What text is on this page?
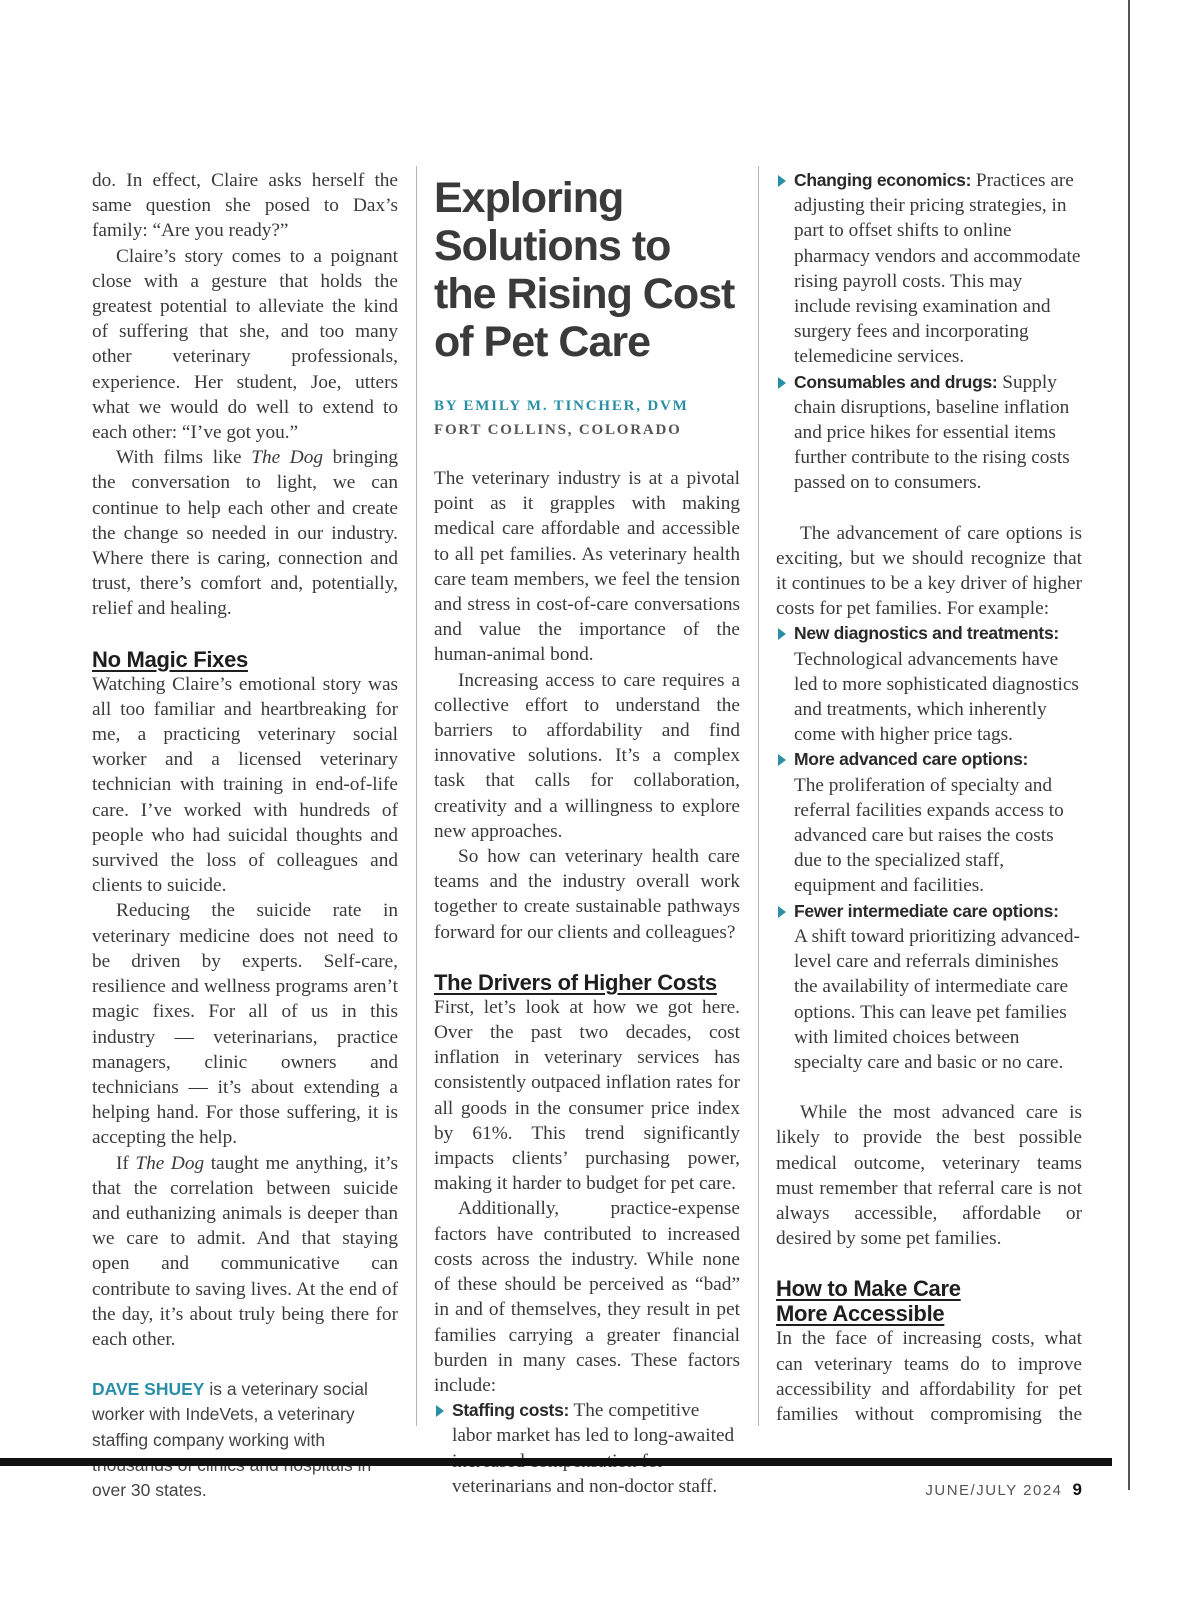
do. In effect, Claire asks herself the same question she posed to Dax’s family: “Are you ready?”

Claire’s story comes to a poignant close with a gesture that holds the greatest potential to alleviate the kind of suffering that she, and too many other veterinary professionals, experience. Her student, Joe, utters what we would do well to extend to each other: “I’ve got you.”

With films like The Dog bringing the conversation to light, we can continue to help each other and create the change so needed in our industry. Where there is caring, connection and trust, there’s comfort and, potentially, relief and healing.

No Magic Fixes

Watching Claire’s emotional story was all too familiar and heartbreaking for me, a practicing veterinary social worker and a licensed veterinary technician with training in end-of-life care. I’ve worked with hundreds of people who had suicidal thoughts and survived the loss of colleagues and clients to suicide.

Reducing the suicide rate in veterinary medicine does not need to be driven by experts. Self-care, resilience and wellness programs aren’t magic fixes. For all of us in this industry — veterinarians, practice managers, clinic owners and technicians — it’s about extending a helping hand. For those suffering, it is accepting the help.

If The Dog taught me anything, it’s that the correlation between suicide and euthanizing animals is deeper than we care to admit. And that staying open and communicative can contribute to saving lives. At the end of the day, it’s about truly being there for each other.

DAVE SHUEY is a veterinary social worker with IndeVets, a veterinary staffing company working with over 30 states.

Exploring Solutions to the Rising Cost of Pet Care
BY EMILY M. TINCHER, DVM
FORT COLLINS, COLORADO

The veterinary industry is at a pivotal point as it grapples with making medical care affordable and accessible to all pet families. As veterinary health care team members, we feel the tension and stress in cost-of-care conversations and value the importance of the human-animal bond.

Increasing access to care requires a collective effort to understand the barriers to affordability and find innovative solutions. It’s a complex task that calls for collaboration, creativity and a willingness to explore new approaches.

So how can veterinary health care teams and the industry overall work together to create sustainable pathways forward for our clients and colleagues?

The Drivers of Higher Costs

First, let’s look at how we got here. Over the past two decades, cost inflation in veterinary services has consistently outpaced inflation rates for all goods in the consumer price index by 61%. This trend significantly impacts clients’ purchasing power, making it harder to budget for pet care.

Additionally, practice-expense factors have contributed to increased costs across the industry. While none of these should be perceived as “bad” in and of themselves, they result in pet families carrying a greater financial burden in many cases. These factors include:

Staffing costs: The competitive labor market has led to long-awaited veterinarians and non-doctor staff.

Changing economics: Practices are adjusting their pricing strategies, in part to offset shifts to online pharmacy vendors and accommodate rising payroll costs. This may include revising examination and surgery fees and incorporating telemedicine services.

Consumables and drugs: Supply chain disruptions, baseline inflation and price hikes for essential items further contribute to the rising costs passed on to consumers.

The advancement of care options is exciting, but we should recognize that it continues to be a key driver of higher costs for pet families. For example:

New diagnostics and treatments:
Technological advancements have led to more sophisticated diagnostics and treatments, which inherently come with higher price tags.

More advanced care options:
The proliferation of specialty and referral facilities expands access to advanced care but raises the costs due to the specialized staff, equipment and facilities.

Fewer intermediate care options:
A shift toward prioritizing advanced-level care and referrals diminishes the availability of intermediate care options. This can leave pet families with limited choices between specialty care and basic or no care.

While the most advanced care is likely to provide the best possible medical outcome, veterinary teams must remember that referral care is not always accessible, affordable or desired by some pet families.

How to Make Care
More Accessible

In the face of increasing costs, what can veterinary teams do to improve accessibility and affordability for pet families without compromising the

JUNE/JULY 2024 9
